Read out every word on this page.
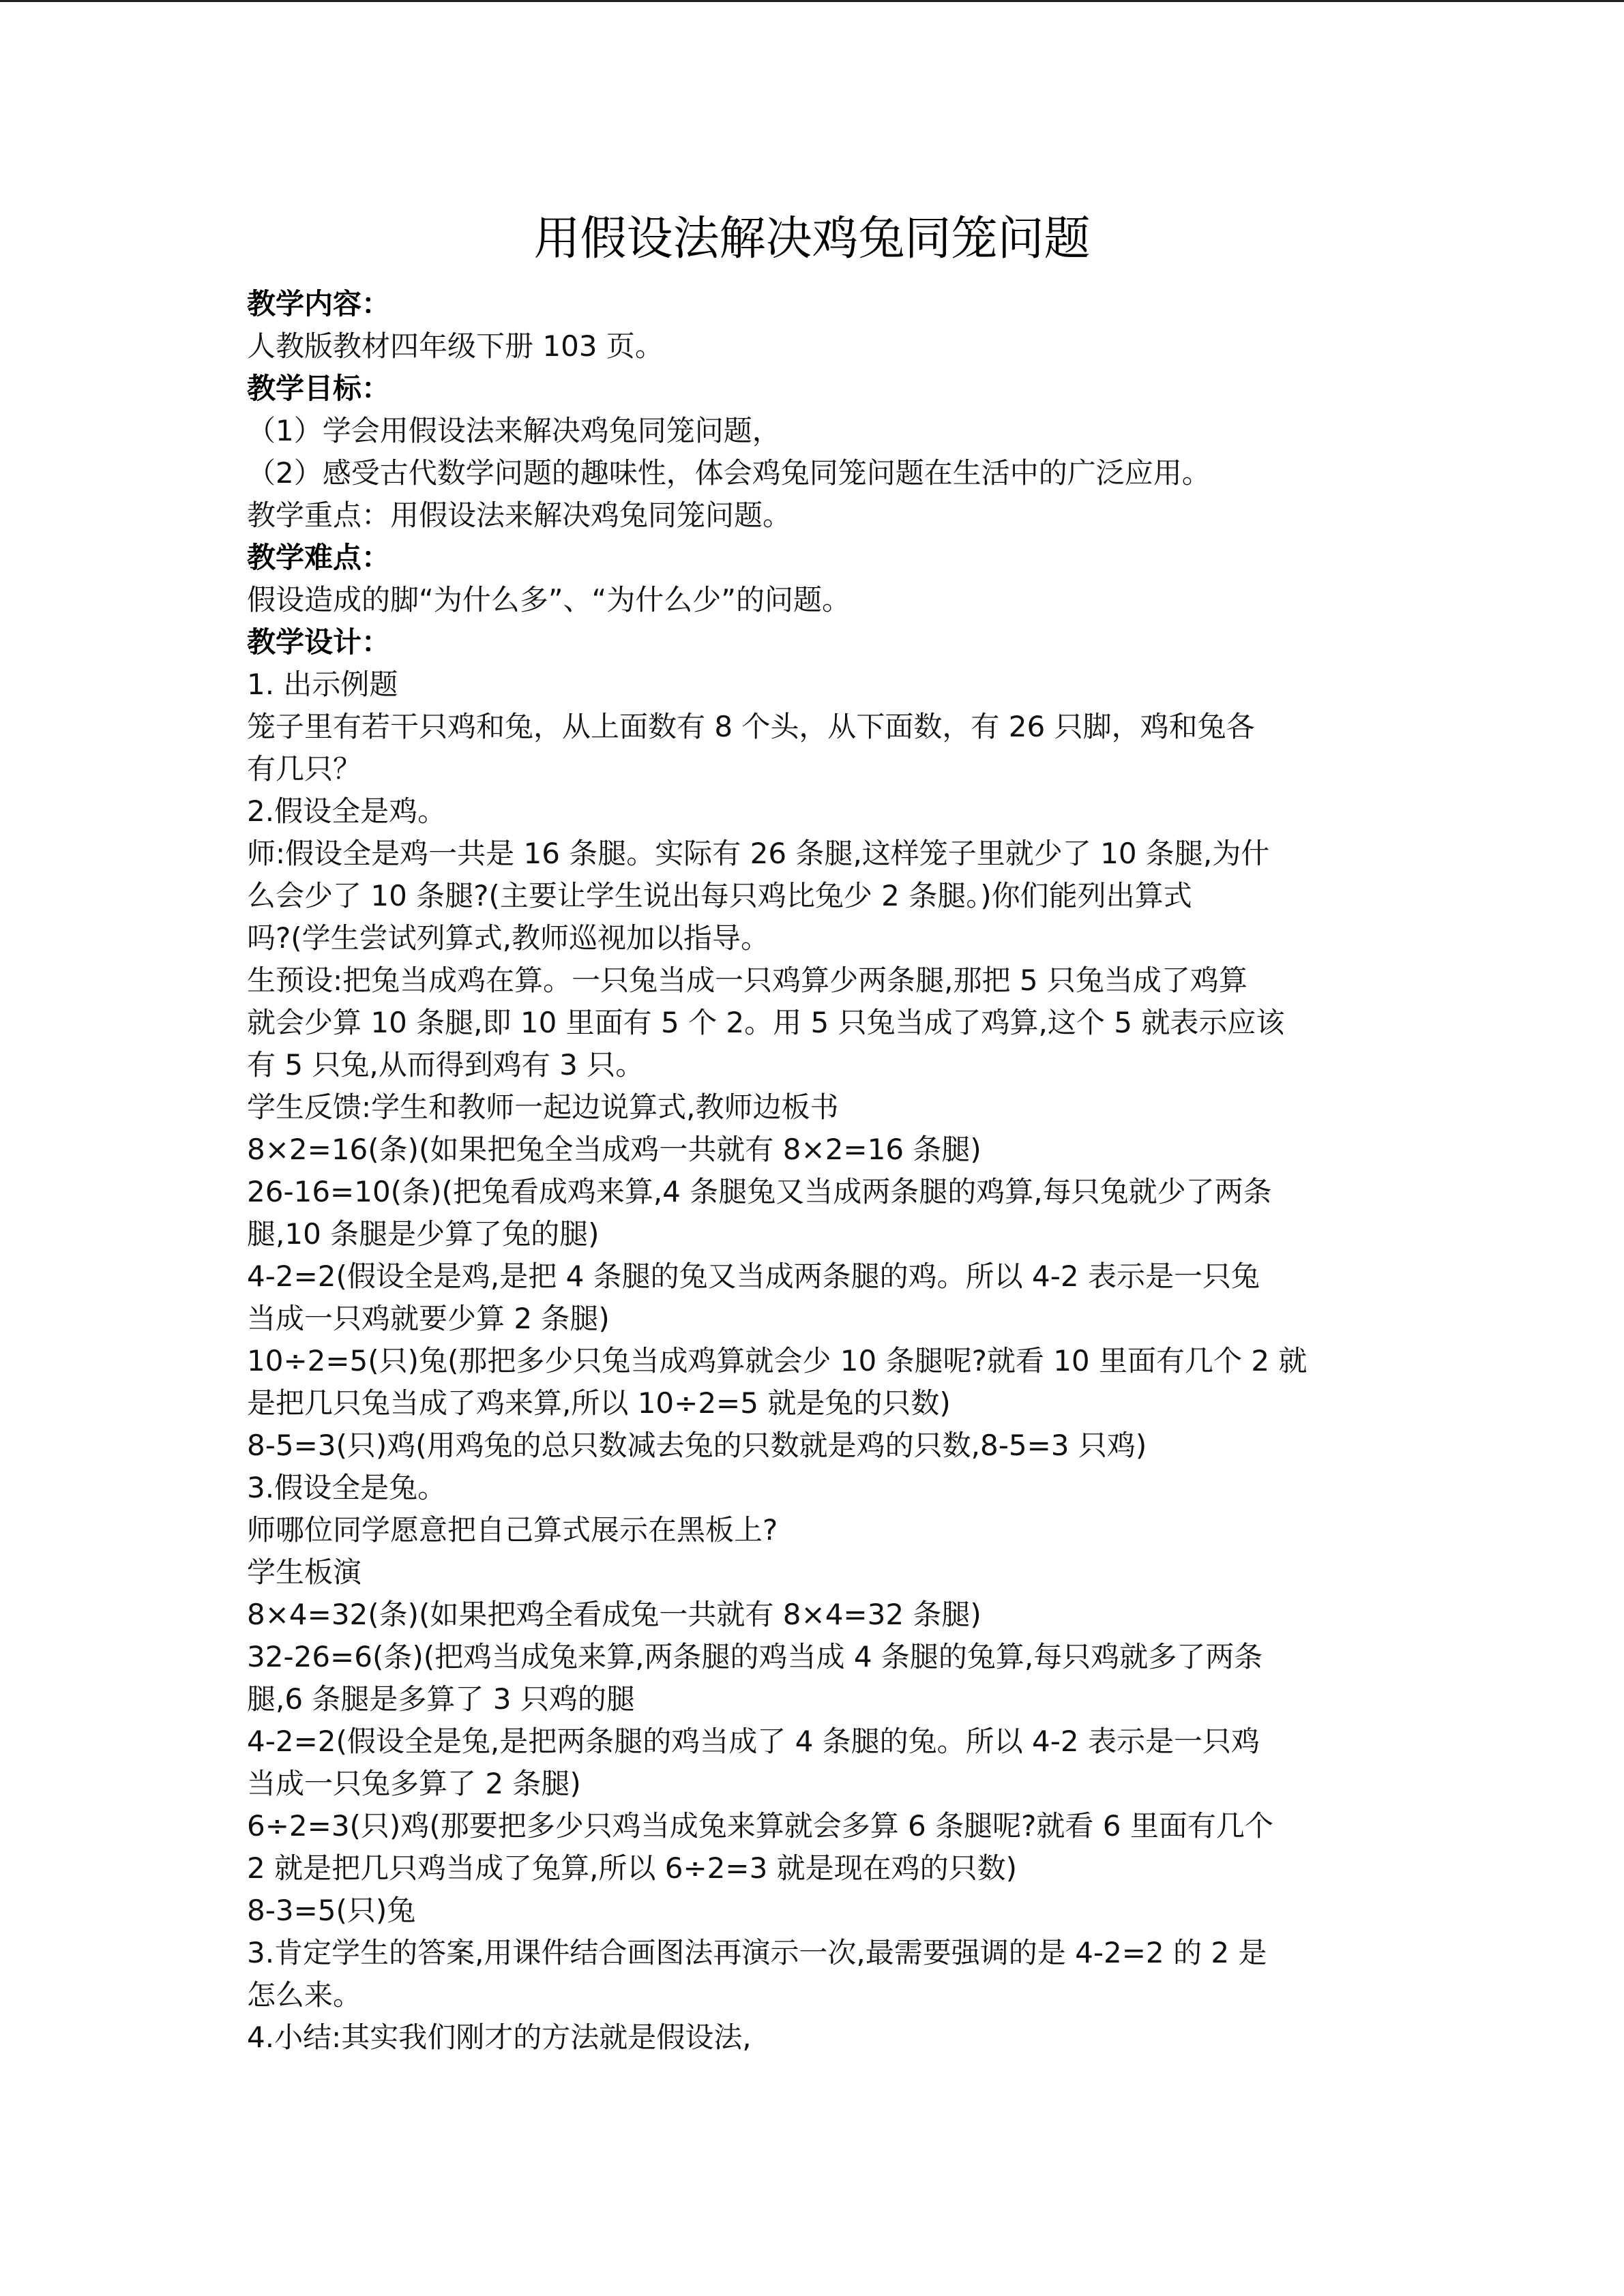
用假设法解决鸡兔同笼问题
教学内容：
人教版教材四年级下册 103 页。
教学目标：
（1）学会用假设法来解决鸡兔同笼问题，
（2）感受古代数学问题的趣味性，体会鸡兔同笼问题在生活中的广泛应用。
教学重点：用假设法来解决鸡兔同笼问题。
教学难点：
假设造成的脚“为什么多”、“为什么少”的问题。
教学设计：
1. 出示例题
笼子里有若干只鸡和兔，从上面数有 8 个头，从下面数，有 26 只脚，鸡和兔各
有几只？
2.假设全是鸡。
师:假设全是鸡一共是 16 条腿。实际有 26 条腿,这样笼子里就少了 10 条腿,为什
么会少了 10 条腿?(主要让学生说出每只鸡比兔少 2 条腿。)你们能列出算式
吗?(学生尝试列算式,教师巡视加以指导。
生预设:把兔当成鸡在算。一只兔当成一只鸡算少两条腿,那把 5 只兔当成了鸡算
就会少算 10 条腿,即 10 里面有 5 个 2。用 5 只兔当成了鸡算,这个 5 就表示应该
有 5 只兔,从而得到鸡有 3 只。
学生反馈:学生和教师一起边说算式,教师边板书
8×2=16(条)(如果把兔全当成鸡一共就有 8×2=16 条腿)
26-16=10(条)(把兔看成鸡来算,4 条腿兔又当成两条腿的鸡算,每只兔就少了两条
腿,10 条腿是少算了兔的腿)
4-2=2(假设全是鸡,是把 4 条腿的兔又当成两条腿的鸡。所以 4-2 表示是一只兔
当成一只鸡就要少算 2 条腿)
10÷2=5(只)兔(那把多少只兔当成鸡算就会少 10 条腿呢?就看 10 里面有几个 2 就
是把几只兔当成了鸡来算,所以 10÷2=5 就是兔的只数)
8-5=3(只)鸡(用鸡兔的总只数减去兔的只数就是鸡的只数,8-5=3 只鸡)
3.假设全是兔。
师哪位同学愿意把自己算式展示在黑板上?
学生板演
8×4=32(条)(如果把鸡全看成兔一共就有 8×4=32 条腿)
32-26=6(条)(把鸡当成兔来算,两条腿的鸡当成 4 条腿的兔算,每只鸡就多了两条
腿,6 条腿是多算了 3 只鸡的腿
4-2=2(假设全是兔,是把两条腿的鸡当成了 4 条腿的兔。所以 4-2 表示是一只鸡
当成一只兔多算了 2 条腿)
6÷2=3(只)鸡(那要把多少只鸡当成兔来算就会多算 6 条腿呢?就看 6 里面有几个
2 就是把几只鸡当成了兔算,所以 6÷2=3 就是现在鸡的只数)
8-3=5(只)兔
3.肯定学生的答案,用课件结合画图法再演示一次,最需要强调的是 4-2=2 的 2 是
怎么来。
4.小结:其实我们刚才的方法就是假设法,
